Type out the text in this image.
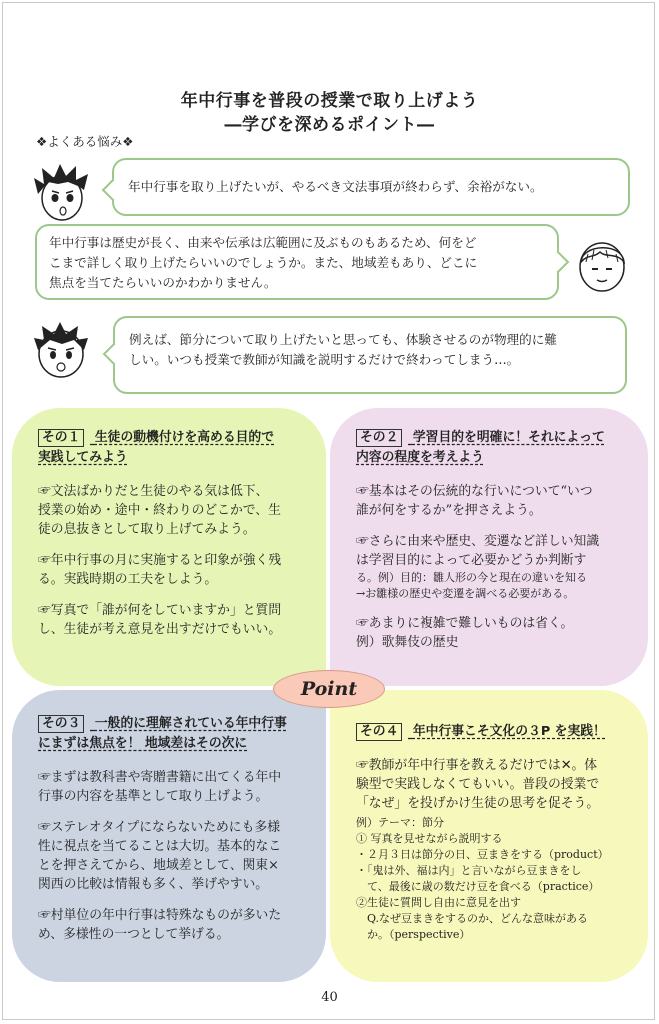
年中行事を普段の授業で取り上げよう
―学びを深めるポイント―
❖よくある悩み❖
年中行事を取り上げたいが、やるべき文法事項が終わらず、余裕がない。
年中行事は歴史が長く、由来や伝承は広範囲に及ぶものもあるため、何をど
こまで詳しく取り上げたらいいのでしょうか。また、地域差もあり、どこに
焦点を当てたらいいのかわかりません。
例えば、節分について取り上げたいと思っても、体験させるのが物理的に難
しい。いつも授業で教師が知識を説明するだけで終わってしまう…。
その１ 生徒の動機付けを高める目的で
実践してみよう
☞文法ばかりだと生徒のやる気は低下、
授業の始め・途中・終わりのどこかで、生
徒の息抜きとして取り上げてみよう。
☞年中行事の月に実施すると印象が強く残
る。実践時期の工夫をしよう。
☞写真で「誰が何をしていますか」と質問
し、生徒が考え意見を出すだけでもいい。
その２ 学習目的を明確に！それによって
内容の程度を考えよう
☞基本はその伝統的な行いについて“いつ
誰が何をするか”を押さえよう。
☞さらに由来や歴史、変遷など詳しい知識
は学習目的によって必要かどうか判断す
る。例）目的：雛人形の今と現在の違いを知る
→お雛様の歴史や変遷を調べる必要がある。
☞あまりに複雑で難しいものは省く。
例）歌舞伎の歴史
その３ 一般的に理解されている年中行事
にまずは焦点を！ 地域差はその次に
☞まずは教科書や寄贈書籍に出てくる年中
行事の内容を基準として取り上げよう。
☞ステレオタイプにならないためにも多様
性に視点を当てることは大切。基本的なこ
とを押さえてから、地域差として、関東×
関西の比較は情報も多く、挙げやすい。
☞村単位の年中行事は特殊なものが多いた
め、多様性の一つとして挙げる。
その４ 年中行事こそ文化の３P を実践！
☞教師が年中行事を教えるだけでは✕。体
験型で実践しなくてもいい。普段の授業で
「なぜ」を投げかけ生徒の思考を促そう。
例）テーマ：節分
① 写真を見せながら説明する
・２月３日は節分の日、豆まきをする（product）
・「鬼は外、福は内」と言いながら豆まきをし
　て、最後に歳の数だけ豆を食べる（practice）
②生徒に質問し自由に意見を出す
　Q.なぜ豆まきをするのか、どんな意味がある
　か。（perspective）
Point
40
